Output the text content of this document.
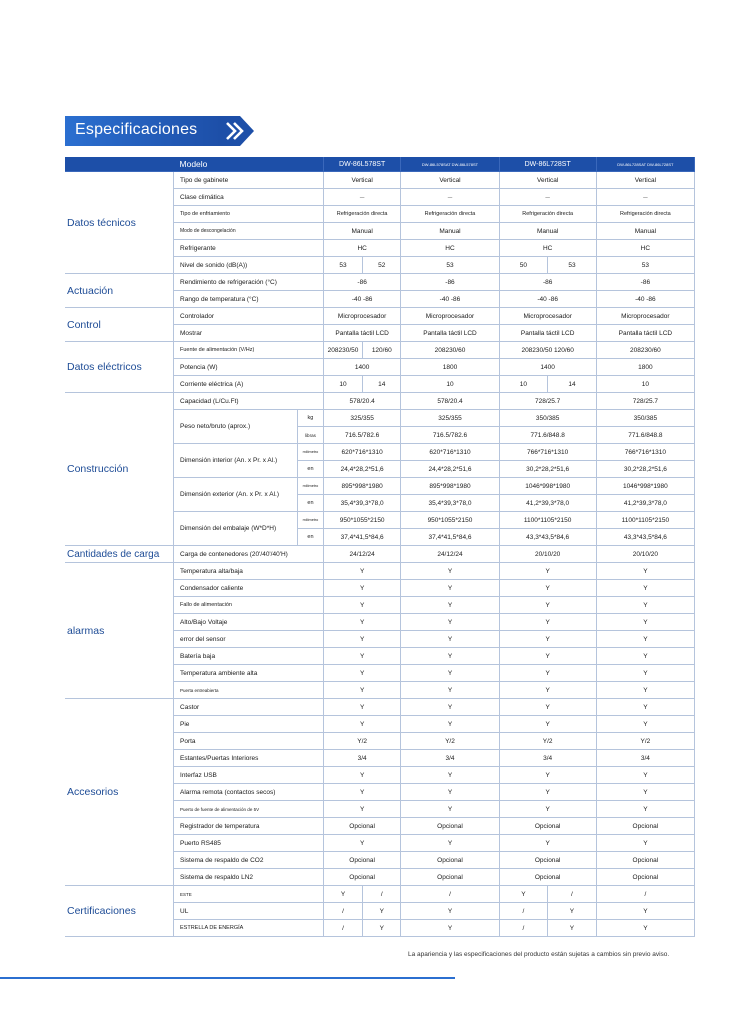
Especificaciones
	Modelo		DW-86L578ST		DW-86L578SAT DW-86L578ST	DW-86L728ST		DW-86L728SAT DW-86L728ST
Datos técnicos	Tipo de gabinete		Vertical		Vertical	Vertical		Vertical
	Clase climática		—		—	—		—
	Tipo de enfriamiento		Refrigeración directa		Refrigeración directa	Refrigeración directa		Refrigeración directa
	Modo de descongelación		Manual		Manual	Manual		Manual
	Refrigerante		HC		HC	HC		HC
	Nivel de sonido (dB(A))		53	52	53	50	53	53
Actuación	Rendimiento de refrigeración (°C)		-86		-86	-86		-86
	Rango de temperatura (°C)		-40 -86		-40 -86	-40 -86		-40 -86
Control	Controlador		Microprocesador		Microprocesador	Microprocesador		Microprocesador
	Mostrar		Pantalla táctil LCD		Pantalla táctil LCD	Pantalla táctil LCD		Pantalla táctil LCD
Datos eléctricos	Fuente de alimentación (V/Hz)		208230/50	120/60	208230/60	208230/50 120/60		208230/60
	Potencia (W)		1400		1800	1400		1800
	Corriente eléctrica (A)		10	14	10	10	14	10
Construcción	Capacidad (L/Cu.Ft)		578/20.4		578/20.4	728/25.7		728/25.7
	Peso neto/bruto (aprox.)	kg	325/355		325/355	350/385		350/385
		libras	716.5/782.6		716.5/782.6	771.6/848.8		771.6/848.8
	Dimensión interior (An. x Pr. x Al.)	milímetro	620*716*1310		620*716*1310	766*716*1310		766*716*1310
		en	24,4*28,2*51,6		24,4*28,2*51,6	30,2*28,2*51,6		30,2*28,2*51,6
	Dimensión exterior (An. x Pr. x Al.)	milímetro	895*998*1980		895*998*1980	1046*998*1980		1046*998*1980
		en	35,4*39,3*78,0		35,4*39,3*78,0	41,2*39,3*78,0		41,2*39,3*78,0
	Dimensión del embalaje (W*D*H)	milímetro	950*1055*2150		950*1055*2150	1100*1105*2150		1100*1105*2150
		en	37,4*41,5*84,6		37,4*41,5*84,6	43,3*43,5*84,6		43,3*43,5*84,6
Cantidades de carga	Carga de contenedores (20'/40'/40'H)		24/12/24		24/12/24	20/10/20		20/10/20
alarmas	Temperatura alta/baja		Y		Y	Y		Y
	Condensador caliente		Y		Y	Y		Y
	Fallo de alimentación		Y		Y	Y		Y
	Alto/Bajo Voltaje		Y		Y	Y		Y
	error del sensor		Y		Y	Y		Y
	Batería baja		Y		Y	Y		Y
	Temperatura ambiente alta		Y		Y	Y		Y
	Puerta entreabierta		Y		Y	Y		Y
Accesorios	Castor		Y		Y	Y		Y
	Pie		Y		Y	Y		Y
	Porta		Y/2		Y/2	Y/2		Y/2
	Estantes/Puertas Interiores		3/4		3/4	3/4		3/4
	Interfaz USB		Y		Y	Y		Y
	Alarma remota (contactos secos)		Y		Y	Y		Y
	Puerto de fuente de alimentación de 5V		Y		Y	Y		Y
	Registrador de temperatura		Opcional		Opcional	Opcional		Opcional
	Puerto RS485		Y		Y	Y		Y
	Sistema de respaldo de CO2		Opcional		Opcional	Opcional		Opcional
	Sistema de respaldo LN2		Opcional		Opcional	Opcional		Opcional
Certificaciones	ESTE		Y	/	/	Y	/	/
	UL		/	Y	Y	/	Y	Y
	ESTRELLA DE ENERGÍA		/	Y	Y	/	Y	Y
La apariencia y las especificaciones del producto están sujetas a cambios sin previo aviso.
